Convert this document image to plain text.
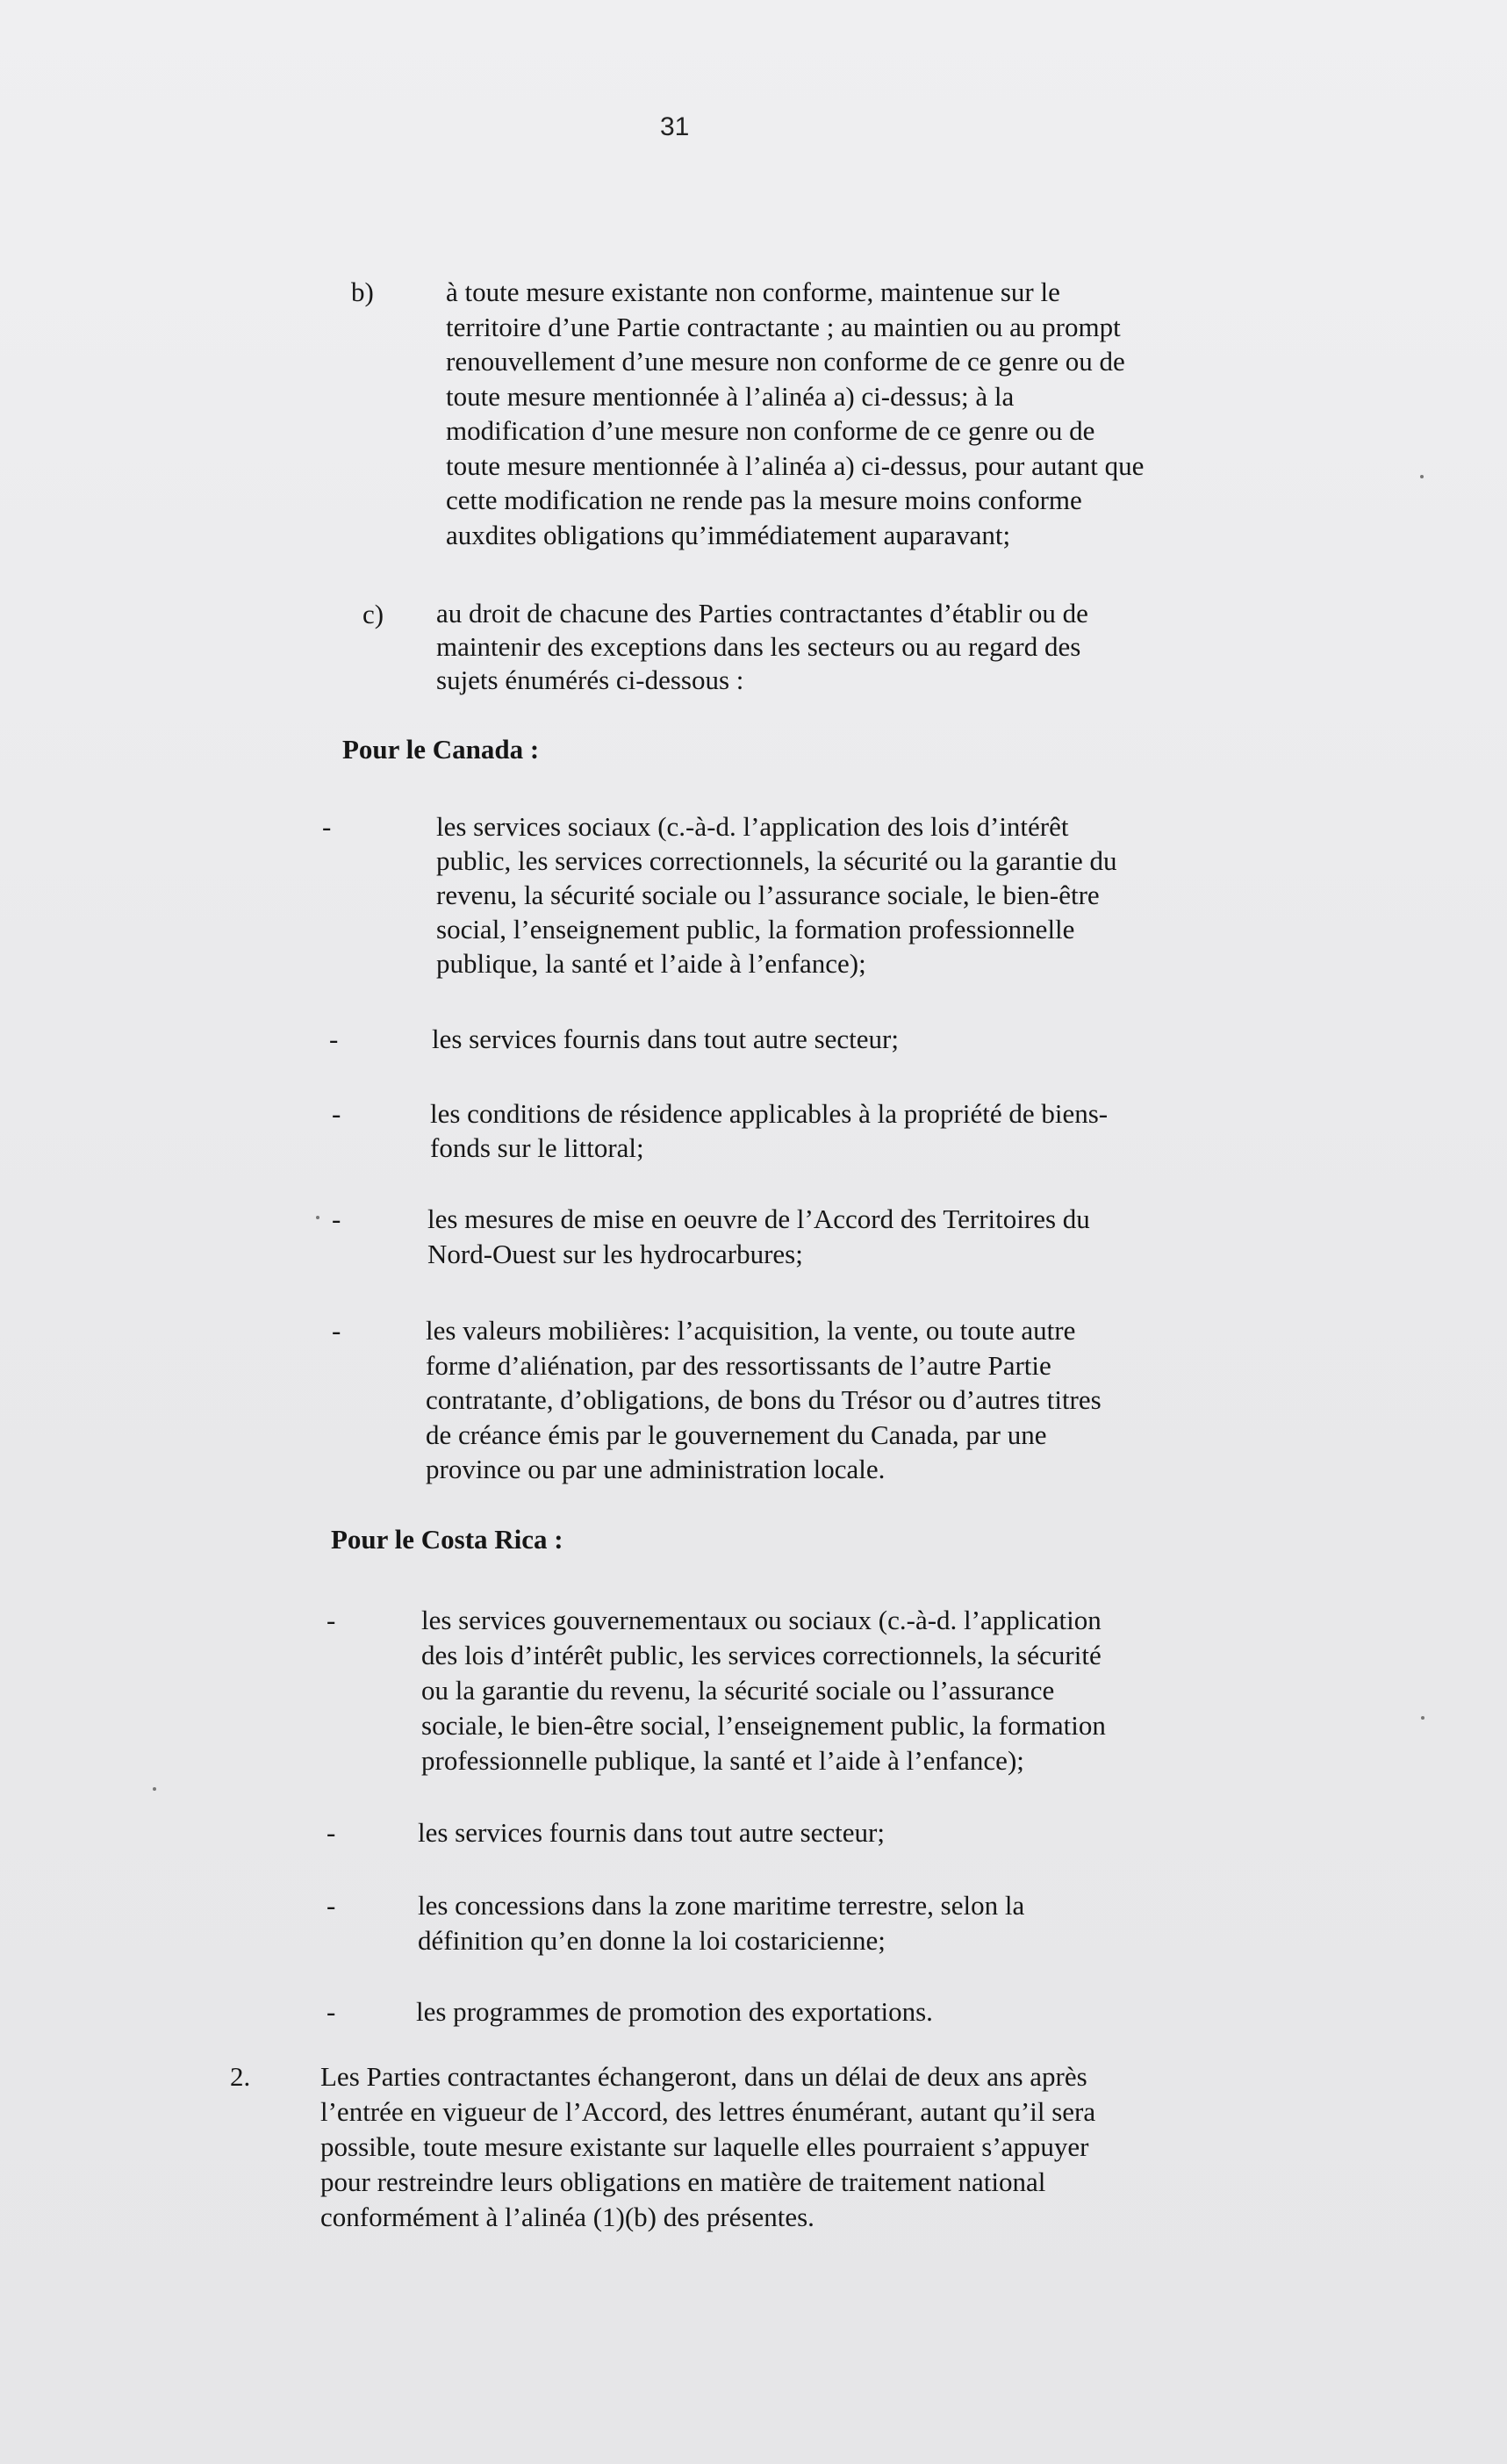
31
b)	à toute mesure existante non conforme, maintenue sur le
territoire d’une Partie contractante ; au maintien ou au prompt
renouvellement d’une mesure non conforme de ce genre ou de
toute mesure mentionnée à l’alinéa a) ci-dessus; à la
modification d’une mesure non conforme de ce genre ou de
toute mesure mentionnée à l’alinéa a) ci-dessus, pour autant que
cette modification ne rende pas la mesure moins conforme
auxdites obligations qu’immédiatement auparavant;
c) au droit de chacune des Parties contractantes d’établir ou de
maintenir des exceptions dans les secteurs ou au regard des
sujets énumérés ci-dessous :
Pour le Canada :
-	les services sociaux (c.-à-d. l’application des lois d’intérêt
public, les services correctionnels, la sécurité ou la garantie du
revenu, la sécurité sociale ou l’assurance sociale, le bien-être
social, l’enseignement public, la formation professionnelle
publique, la santé et l’aide à l’enfance);
-	les services fournis dans tout autre secteur;
-	les conditions de résidence applicables à la propriété de biens-
fonds sur le littoral;
-	les mesures de mise en oeuvre de l’Accord des Territoires du
Nord-Ouest sur les hydrocarbures;
-	les valeurs mobilières: l’acquisition, la vente, ou toute autre
forme d’aliénation, par des ressortissants de l’autre Partie
contratante, d’obligations, de bons du Trésor ou d’autres titres
de créance émis par le gouvernement du Canada, par une
province ou par une administration locale.
Pour le Costa Rica :
-	les services gouvernementaux ou sociaux (c.-à-d. l’application
des lois d’intérêt public, les services correctionnels, la sécurité
ou la garantie du revenu, la sécurité sociale ou l’assurance
sociale, le bien-être social, l’enseignement public, la formation
professionnelle publique, la santé et l’aide à l’enfance);
-	les services fournis dans tout autre secteur;
-	les concessions dans la zone maritime terrestre, selon la
définition qu’en donne la loi costaricienne;
-	les programmes de promotion des exportations.
2.	Les Parties contractantes échangeront, dans un délai de deux ans après
l’entrée en vigueur de l’Accord, des lettres énumérant, autant qu’il sera
possible, toute mesure existante sur laquelle elles pourraient s’appuyer
pour restreindre leurs obligations en matière de traitement national
conformément à l’alinéa (1)(b) des présentes.
